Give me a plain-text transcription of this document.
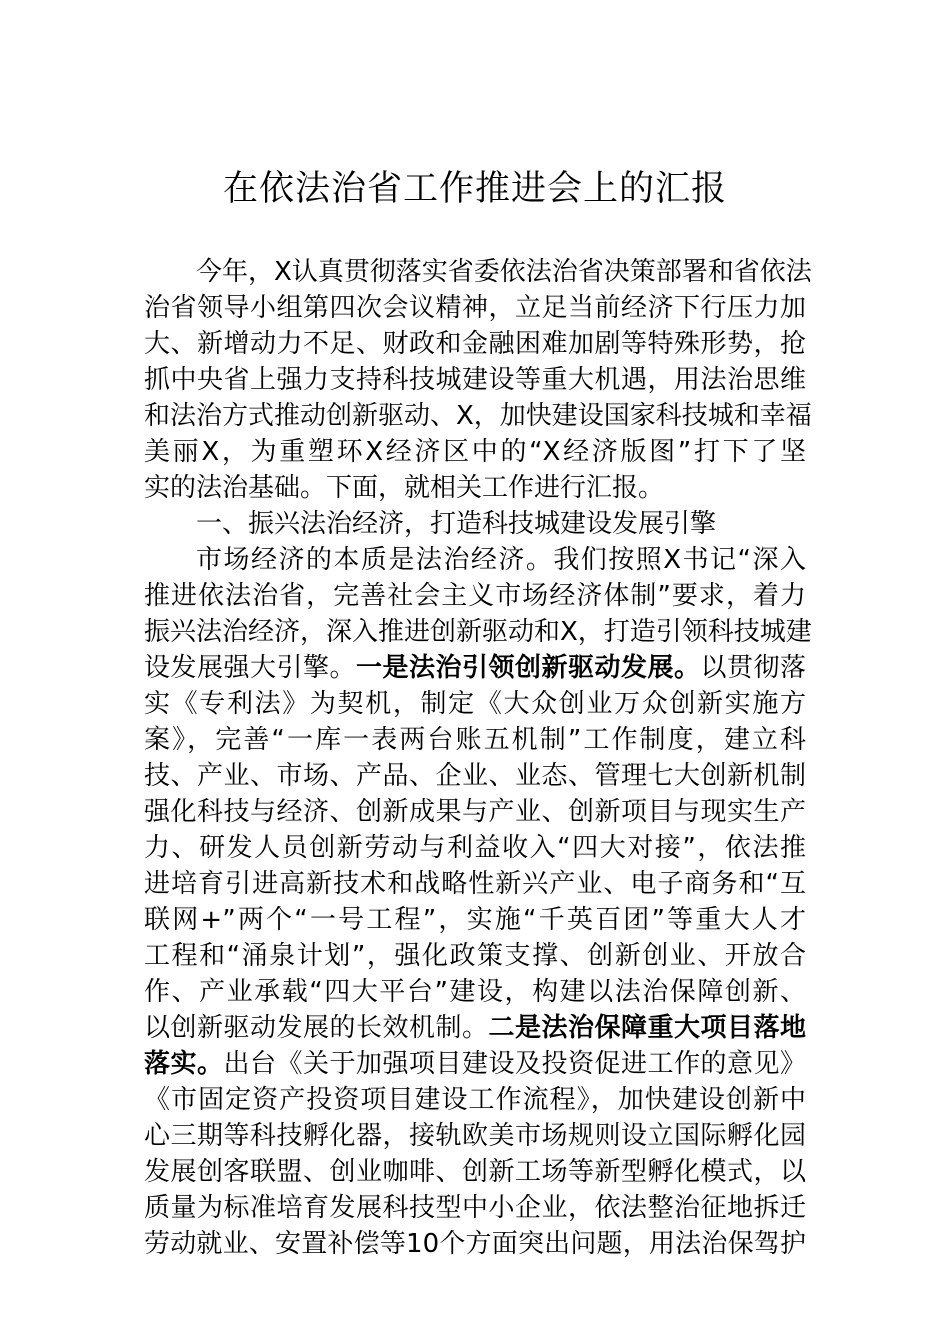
在依法治省工作推进会上的汇报
今年，X认真贯彻落实省委依法治省决策部署和省依法
治省领导小组第四次会议精神，立足当前经济下行压力加
大、新增动力不足、财政和金融困难加剧等特殊形势，抢
抓中央省上强力支持科技城建设等重大机遇，用法治思维
和法治方式推动创新驱动、X，加快建设国家科技城和幸福
美丽X，为重塑环X经济区中的“X经济版图”打下了坚
实的法治基础。下面，就相关工作进行汇报。
一、振兴法治经济，打造科技城建设发展引擎
市场经济的本质是法治经济。我们按照X书记“深入
推进依法治省，完善社会主义市场经济体制”要求，着力
振兴法治经济，深入推进创新驱动和X，打造引领科技城建
设发展强大引擎。一是法治引领创新驱动发展。以贯彻落
实《专利法》为契机，制定《大众创业万众创新实施方
案》，完善“一库一表两台账五机制”工作制度，建立科
技、产业、市场、产品、企业、业态、管理七大创新机制
强化科技与经济、创新成果与产业、创新项目与现实生产
力、研发人员创新劳动与利益收入“四大对接”，依法推
进培育引进高新技术和战略性新兴产业、电子商务和“互
联网+”两个“一号工程”，实施“千英百团”等重大人才
工程和“涌泉计划”，强化政策支撑、创新创业、开放合
作、产业承载“四大平台”建设，构建以法治保障创新、
以创新驱动发展的长效机制。二是法治保障重大项目落地
落实。出台《关于加强项目建设及投资促进工作的意见》
《市固定资产投资项目建设工作流程》，加快建设创新中
心三期等科技孵化器，接轨欧美市场规则设立国际孵化园
发展创客联盟、创业咖啡、创新工场等新型孵化模式，以
质量为标准培育发展科技型中小企业，依法整治征地拆迁
劳动就业、安置补偿等10个方面突出问题，用法治保驾护
